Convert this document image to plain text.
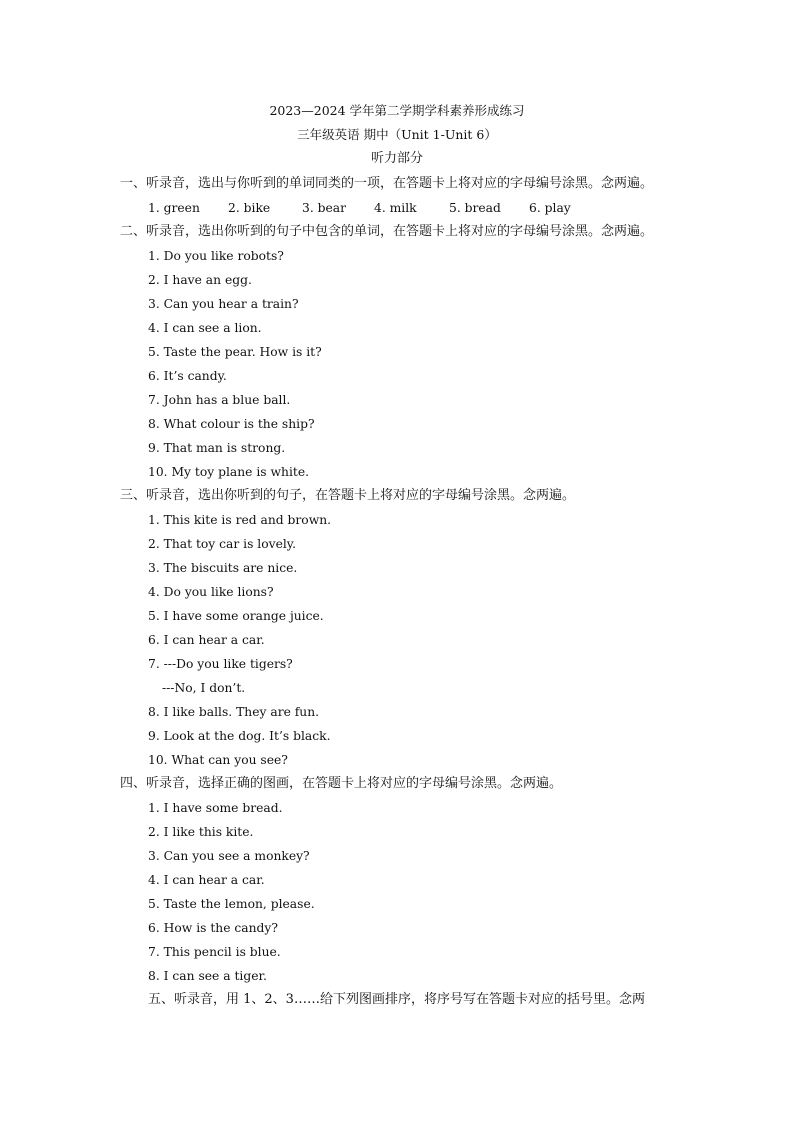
2023—2024 学年第二学期学科素养形成练习
三年级英语 期中（Unit 1-Unit 6）
听力部分
一、听录音，选出与你听到的单词同类的一项，在答题卡上将对应的字母编号涂黑。念两遍。
1. green 2. bike	3. bear 4. milk	5. bread 6. play
二、听录音，选出你听到的句子中包含的单词，在答题卡上将对应的字母编号涂黑。念两遍。
1. Do you like robots?
2. I have an egg.
3. Can you hear a train?
4. I can see a lion.
5. Taste the pear. How is it?
6. It’s candy.
7. John has a blue ball.
8. What colour is the ship?
9. That man is strong.
10. My toy plane is white.
三、听录音，选出你听到的句子，在答题卡上将对应的字母编号涂黑。念两遍。
1. This kite is red and brown.
2. That toy car is lovely.
3. The biscuits are nice.
4. Do you like lions?
5. I have some orange juice.
6. I can hear a car.
7. ---Do you like tigers?
---No, I don’t.
8. I like balls. They are fun.
9. Look at the dog. It’s black.
10. What can you see?
四、听录音，选择正确的图画，在答题卡上将对应的字母编号涂黑。念两遍。
1. I have some bread.
2. I like this kite.
3. Can you see a monkey?
4. I can hear a car.
5. Taste the lemon, please.
6. How is the candy?
7. This pencil is blue.
8. I can see a tiger.
五、听录音，用 1、2、3……给下列图画排序，将序号写在答题卡对应的括号里。念两
